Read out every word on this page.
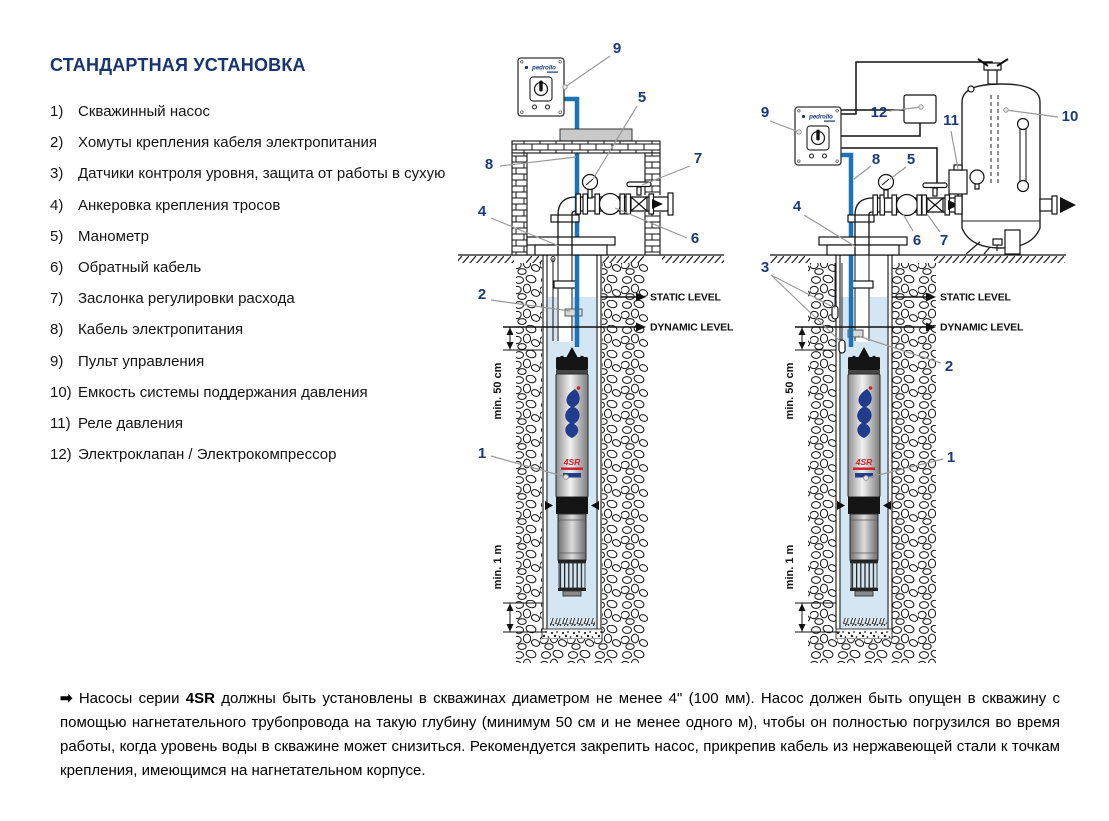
СТАНДАРТНАЯ УСТАНОВКА
1) Скважинный насос
2) Хомуты крепления кабеля электропитания
3) Датчики контроля уровня, защита от работы в сухую
4) Анкеровка крепления тросов
5) Манометр
6) Обратный кабель
7) Заслонка регулировки расхода
8) Кабель электропитания
9) Пульт управления
10) Емкость системы поддержания давления
11) Реле давления
12) Электроклапан / Электрокомпрессор
pedrollo
4SR
STATIC LEVEL
DYNAMIC LEVEL
min. 50 cm
min. 1 m
9
5
7
8
4
6
2
1
STATIC LEVEL
DYNAMIC LEVEL
min. 50 cm
min. 1 m
9	12	11	10
8 5
4
6 7
3
2
1
➡ Насосы серии 4SR должны быть установлены в скважинах диаметром не менее 4" (100 мм). Насос должен быть опущен в скважину с помощью нагнетательного трубопровода на такую глубину (минимум 50 см и не менее одного м), чтобы он полностью погрузился во время работы, когда уровень воды в скважине может снизиться. Рекомендуется закрепить насос, прикрепив кабель из нержавеющей стали к точкам крепления, имеющимся на нагнетательном корпусе.
